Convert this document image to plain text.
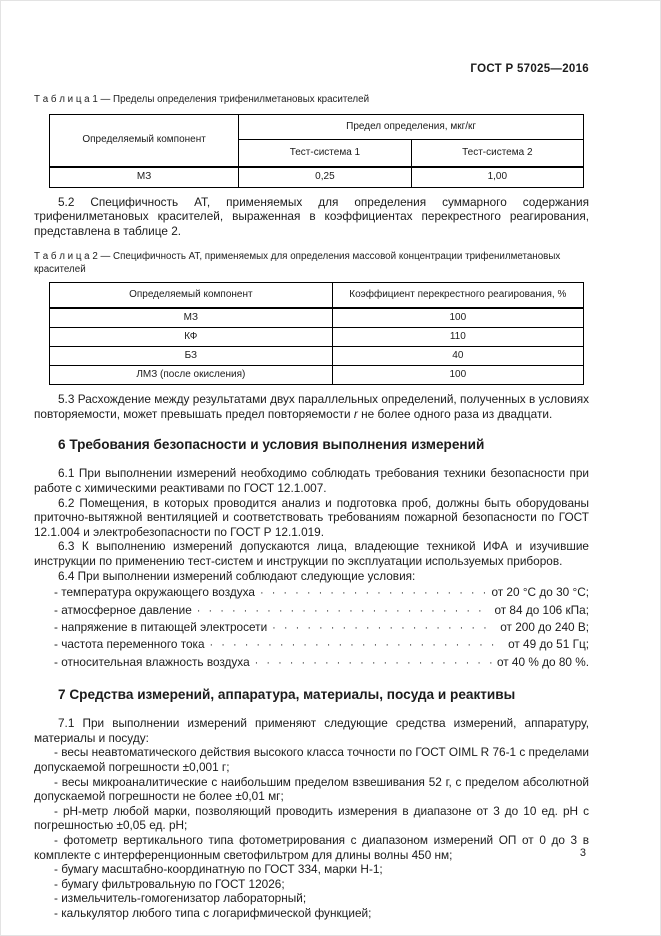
ГОСТ Р 57025—2016

Т а б л и ц а 1 — Пределы определения трифенилметановых красителей

Определяемый компонент	Предел определения, мкг/кг	
	Тест-система 1	Тест-система 2
МЗ	0,25	1,00

5.2 Специфичность АТ, применяемых для определения суммарного содержания трифенилметановых красителей, выраженная в коэффициентах перекрестного реагирования, представлена в таблице 2.

Т а б л и ц а 2 — Специфичность АТ, применяемых для определения массовой концентрации трифенилметановых красителей

Определяемый компонент	Коэффициент перекрестного реагирования, %
МЗ	100
КФ	110
БЗ	40
ЛМЗ (после окисления)	100

5.3 Расхождение между результатами двух параллельных определений, полученных в условиях повторяемости, может превышать предел повторяемости r не более одного раза из двадцати.

6 Требования безопасности и условия выполнения измерений

6.1 При выполнении измерений необходимо соблюдать требования техники безопасности при работе с химическими реактивами по ГОСТ 12.1.007.

6.2 Помещения, в которых проводится анализ и подготовка проб, должны быть оборудованы приточно-вытяжной вентиляцией и соответствовать требованиям пожарной безопасности по ГОСТ 12.1.004 и электробезопасности по ГОСТ Р 12.1.019.

6.3 К выполнению измерений допускаются лица, владеющие техникой ИФА и изучившие инструкции по применению тест-систем и инструкции по эксплуатации используемых приборов.

6.4 При выполнении измерений соблюдают следующие условия:

- температура окружающего воздуха · · ·	от 20 °С до 30 °С;
- атмосферное давление · · ·	от 84 до 106 кПа;
- напряжение в питающей электросети · · ·	от 200 до 240 В;
- частота переменного тока · · ·	от 49 до 51 Гц;
- относительная влажность воздуха · · ·	от 40 % до 80 %.
7 Средства измерений, аппаратура, материалы, посуда и реактивы

7.1 При выполнении измерений применяют следующие средства измерений, аппаратуру, материалы и посуду:

- весы неавтоматического действия высокого класса точности по ГОСТ OIML R 76-1 с пределами допускаемой погрешности ±0,001 г;

- весы микроаналитические с наибольшим пределом взвешивания 52 г, с пределом абсолютной допускаемой погрешности не более ±0,01 мг;

- pH-метр любой марки, позволяющий проводить измерения в диапазоне от 3 до 10 ед. pH с погрешностью ±0,05 ед. pH;

- фотометр вертикального типа фотометрирования с диапазоном измерений ОП от 0 до 3 в комплекте с интерференционным светофильтром для длины волны 450 нм;

- бумагу масштабно-координатную по ГОСТ 334, марки Н-1;

- бумагу фильтровальную по ГОСТ 12026;

- измельчитель-гомогенизатор лабораторный;

- калькулятор любого типа с логарифмической функцией;

3
